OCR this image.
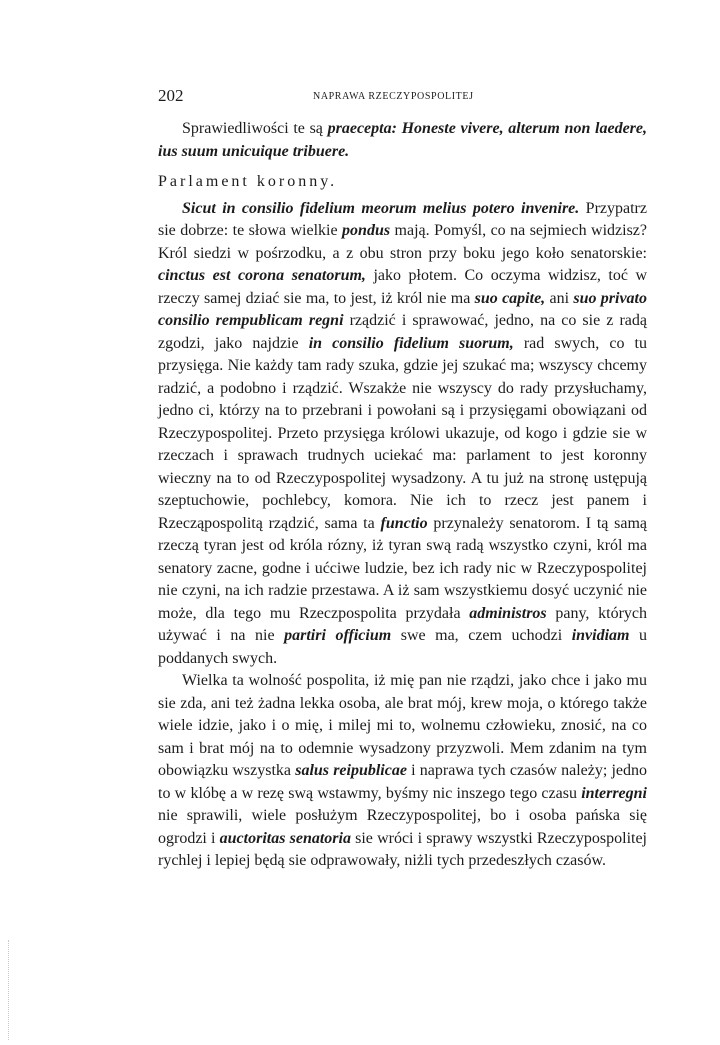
202	NAPRAWA RZECZYPOSPOLITEJ

Sprawiedliwości te są praecepta: Honeste vivere, alterum non laedere, ius suum unicuique tribuere.

Parlament koronny.

Sicut in consilio fidelium meorum melius potero invenire. Przypatrz sie dobrze: te słowa wielkie pondus mają. Pomyśl, co na sejmiech widzisz? Król siedzi w pośrzodku, a z obu stron przy boku jego koło senatorskie: cinctus est corona senatorum, jako płotem. Co oczyma widzisz, toć w rzeczy samej dziać sie ma, to jest, iż król nie ma suo capite, ani suo privato consilio rempublicam regni rządzić i sprawować, jedno, na co sie z radą zgodzi, jako najdzie in consilio fidelium suorum, rad swych, co tu przysięga. Nie każdy tam rady szuka, gdzie jej szukać ma; wszyscy chcemy radzić, a podobno i rządzić. Wszakże nie wszyscy do rady przysłuchamy, jedno ci, którzy na to przebrani i powołani są i przysięgami obowiązani od Rzeczypospolitej. Przeto przysięga królowi ukazuje, od kogo i gdzie sie w rzeczach i sprawach trudnych uciekać ma: parlament to jest koronny wieczny na to od Rzeczypospolitej wysadzony. A tu już na stronę ustępują szeptuchowie, pochlebcy, komora. Nie ich to rzecz jest panem i Rzecząpospolitą rządzić, sama ta functio przynależy senatorom. I tą samą rzeczą tyran jest od króla rózny, iż tyran swą radą wszystko czyni, król ma senatory zacne, godne i ućciwe ludzie, bez ich rady nic w Rzeczypospolitej nie czyni, na ich radzie przestawa. A iż sam wszystkiemu dosyć uczynić nie może, dla tego mu Rzeczpospolita przydała administros pany, których używać i na nie partiri officium swe ma, czem uchodzi invidiam u poddanych swych.

Wielka ta wolność pospolita, iż mię pan nie rządzi, jako chce i jako mu sie zda, ani też żadna lekka osoba, ale brat mój, krew moja, o którego także wiele idzie, jako i o mię, i milej mi to, wolnemu człowieku, znosić, na co sam i brat mój na to odemnie wysadzony przyzwoli. Mem zdanim na tym obowiązku wszystka salus reipublicae i naprawa tych czasów należy; jedno to w klóbę a w rezę swą wstawmy, byśmy nic inszego tego czasu interregni nie sprawili, wiele posłużym Rzeczypospolitej, bo i osoba pańska się ogrodzi i auctoritas senatoria sie wróci i sprawy wszystki Rzeczypospolitej rychlej i lepiej będą sie odprawowały, niżli tych przedeszłych czasów.
